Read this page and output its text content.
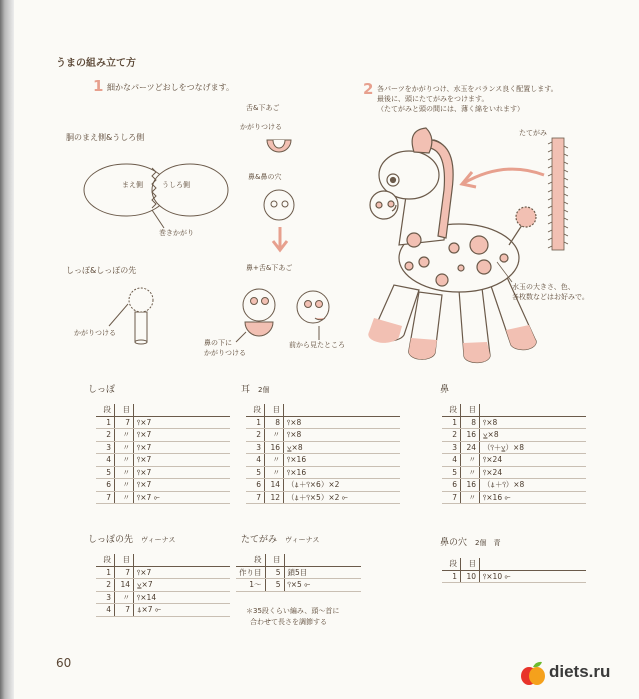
うまの組み立て方
1 細かなパーツどおしをつなげます。
胴のまえ側&うしろ側
舌&下あご
かがりつける
まえ側	うしろ側
巻きかがり
鼻&鼻の穴
鼻+舌&下あご
しっぽ&しっぽの先
かがりつける
鼻の下に
かがりつける
前から見たところ
2 各パーツをかがりつけ、水玉をバランス良く配置します。
最後に、頭にたてがみをつけます。
（たてがみと頭の間には、薄く綿をいれます）
たてがみ
水玉の大きさ、色、
各枚数などはお好みで。
しっぽ
段	目	
1	7	⫯×7
2	〃	⫯×7
3	〃	⫯×7
4	〃	⫯×7
5	〃	⫯×7
6	〃	⫯×7
7	〃	⫯×7 ⟜
耳 2個
段	目	
1	8	⫯×8
2	〃	⫯×8
3	16	⩣×8
4	〃	⫯×16
5	〃	⫯×16
6	14	（⍋＋⫯×6）×2
7	12	（⍋＋⫯×5）×2 ⟜
鼻
段	目	
1	8	⫯×8
2	16	⩣×8
3	24	（⫯＋⩣）×8
4	〃	⫯×24
5	〃	⫯×24
6	16	（⍋＋⫯）×8
7	〃	⫯×16 ⟜
しっぽの先 ヴィーナス
段	目	
1	7	⫯×7
2	14	⩣×7
3	〃	⫯×14
4	7	⍋×7 ⟜
たてがみ ヴィーナス
段	目	
作り目	5	鎖5目
1〜	5	⫯×5 ⟜
＊35段くらい編み、頭〜首に
合わせて長さを調節する
鼻の穴 2個　青
段	目	
1	10	⫯×10 ⟜
60	diets.ru
